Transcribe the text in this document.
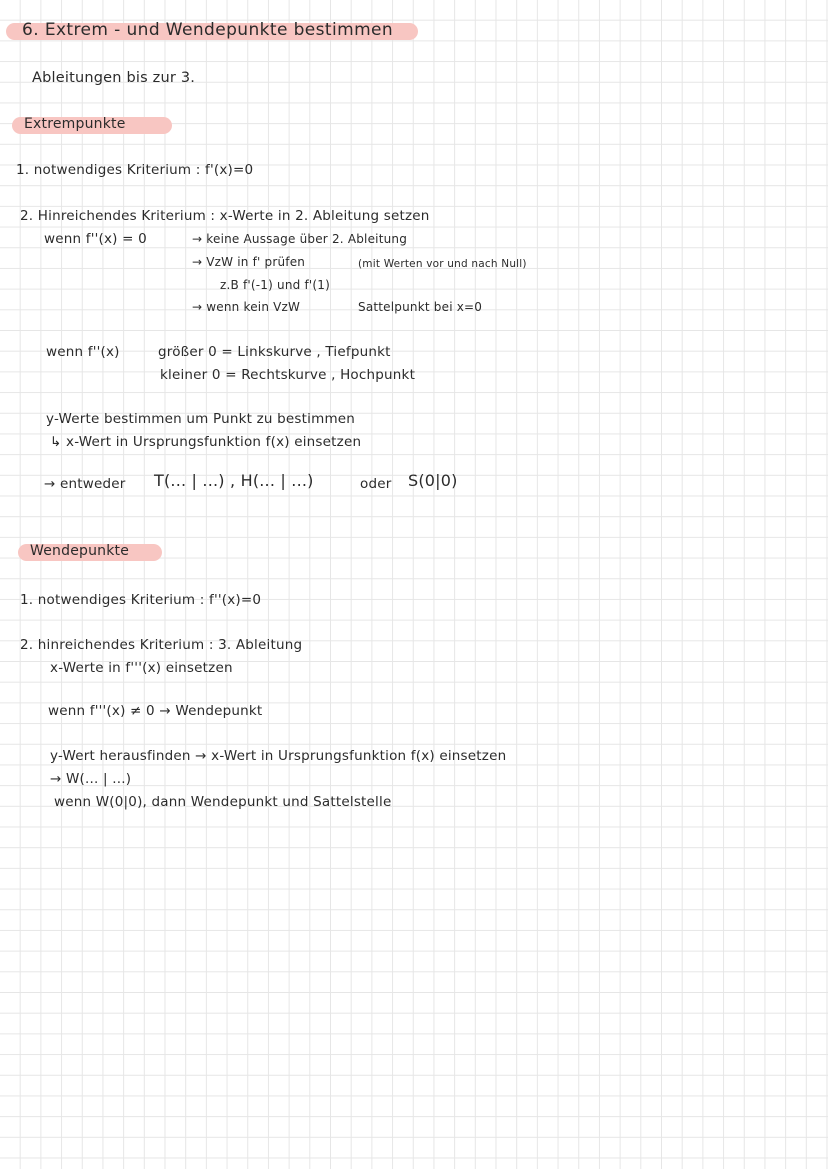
6. Extrem - und Wendepunkte bestimmen
Ableitungen bis zur 3.
Extrempunkte
1. notwendiges Kriterium : f'(x)=0
2. Hinreichendes Kriterium : x-Werte in 2. Ableitung setzen
wenn f''(x) = 0	→ keine Aussage über 2. Ableitung
→ VzW in f' prüfen	(mit Werten vor und nach Null)
z.B f'(-1) und f'(1)
→ wenn kein VzW	Sattelpunkt bei x=0
wenn f''(x)	größer 0 = Linkskurve , Tiefpunkt
kleiner 0 = Rechtskurve , Hochpunkt
y-Werte bestimmen um Punkt zu bestimmen
↳ x-Wert in Ursprungsfunktion f(x) einsetzen
→ entweder T(... | ...) , H(... | ...)	oder S(0|0)
Wendepunkte
1. notwendiges Kriterium : f''(x)=0
2. hinreichendes Kriterium : 3. Ableitung
x-Werte in f'''(x) einsetzen
wenn f'''(x) ≠ 0 → Wendepunkt
y-Wert herausfinden → x-Wert in Ursprungsfunktion f(x) einsetzen
→ W(... | ...)
wenn W(0|0), dann Wendepunkt und Sattelstelle
